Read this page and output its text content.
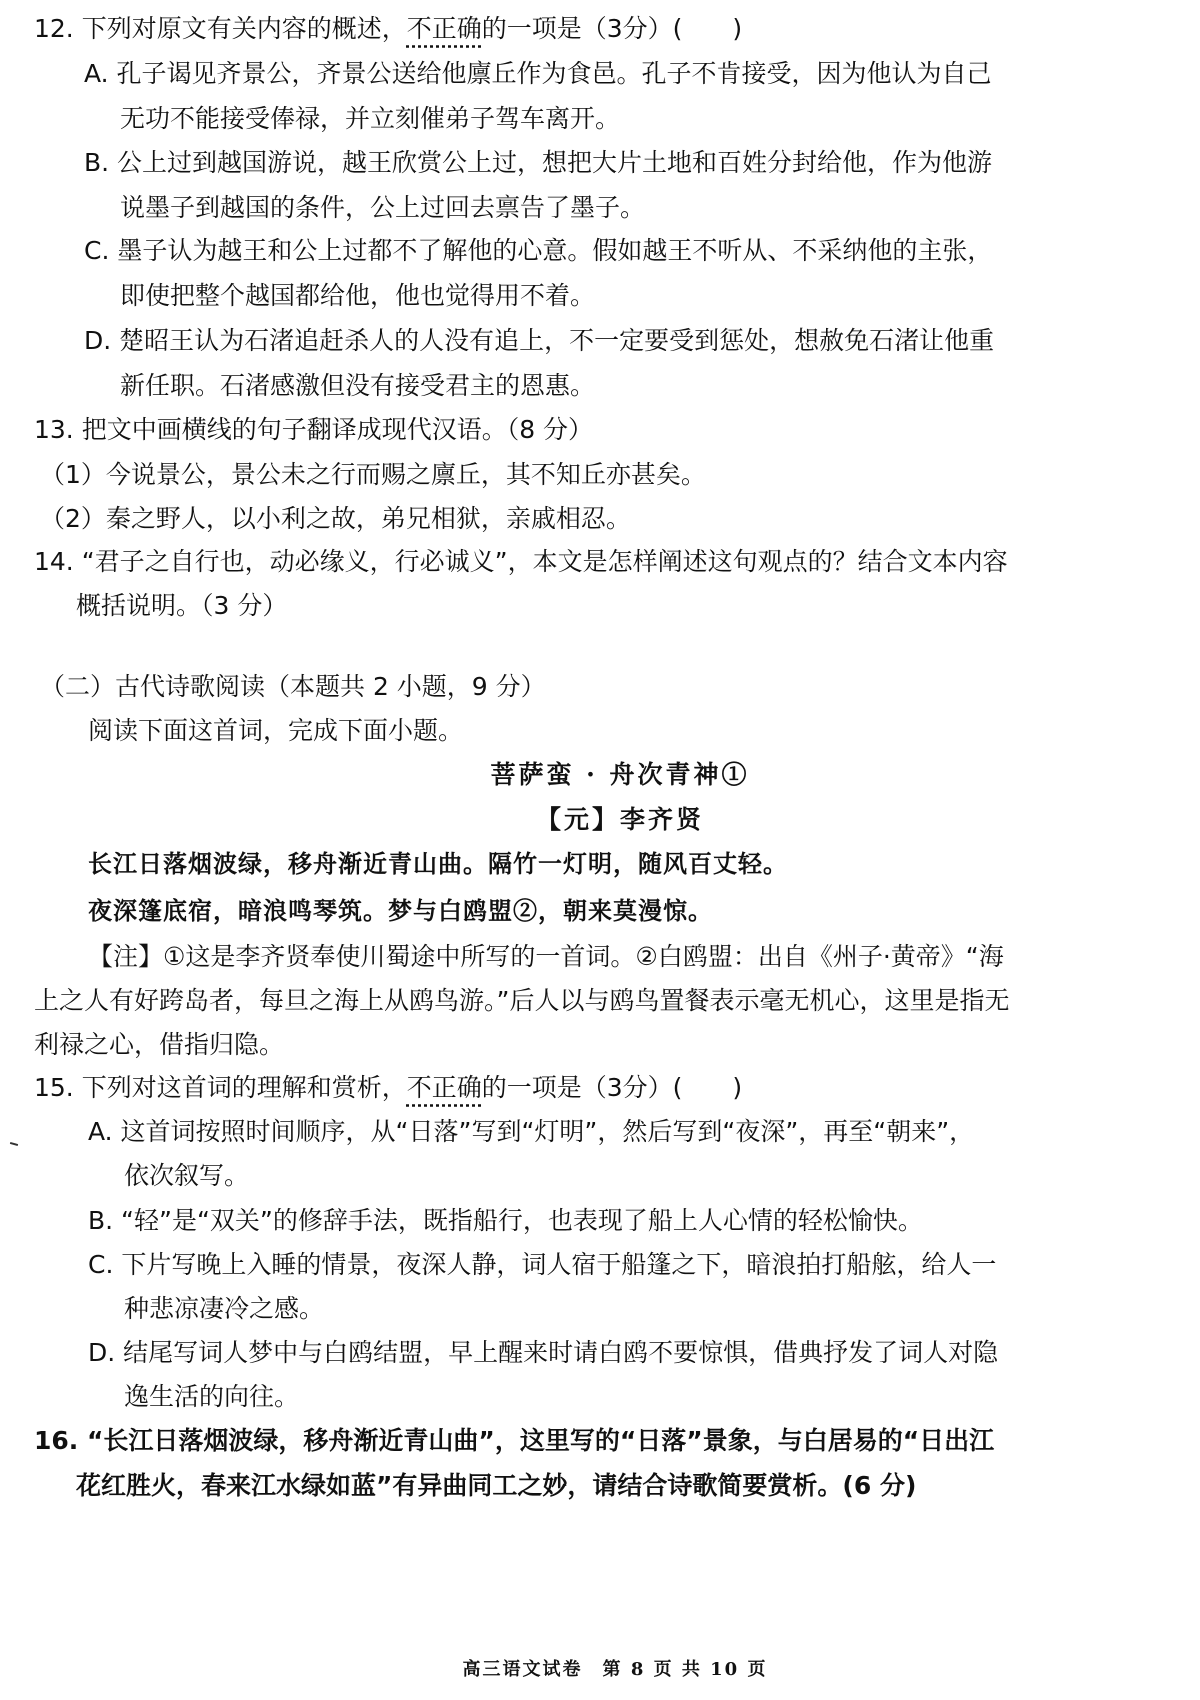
12. 下列对原文有关内容的概述，不正确的一项是（3分）(　　)
A. 孔子谒见齐景公，齐景公送给他廪丘作为食邑。孔子不肯接受，因为他认为自己
无功不能接受俸禄，并立刻催弟子驾车离开。
B. 公上过到越国游说，越王欣赏公上过，想把大片土地和百姓分封给他，作为他游
说墨子到越国的条件，公上过回去禀告了墨子。
C. 墨子认为越王和公上过都不了解他的心意。假如越王不听从、不采纳他的主张，
即使把整个越国都给他，他也觉得用不着。
D. 楚昭王认为石渚追赶杀人的人没有追上，不一定要受到惩处，想赦免石渚让他重
新任职。石渚感激但没有接受君主的恩惠。
13. 把文中画横线的句子翻译成现代汉语。（8 分）
（1）今说景公，景公未之行而赐之廪丘，其不知丘亦甚矣。
（2）秦之野人，以小利之故，弟兄相狱，亲戚相忍。
14. “君子之自行也，动必缘义，行必诚义”，本文是怎样阐述这句观点的？结合文本内容
概括说明。（3 分）
（二）古代诗歌阅读（本题共 2 小题，9 分）
阅读下面这首词，完成下面小题。
菩萨蛮 · 舟次青神①
【元】李齐贤
长江日落烟波绿，移舟渐近青山曲。隔竹一灯明，随风百丈轻。
夜深篷底宿，暗浪鸣琴筑。梦与白鸥盟②，朝来莫漫惊。
【注】①这是李齐贤奉使川蜀途中所写的一首词。②白鸥盟：出自《州子·黄帝》“海
上之人有好跨岛者，每旦之海上从鸥鸟游。”后人以与鸥鸟置餐表示毫无机心，这里是指无
利禄之心，借指归隐。
15. 下列对这首词的理解和赏析，不正确的一项是（3分）(　　)
A. 这首词按照时间顺序，从“日落”写到“灯明”，然后写到“夜深”，再至“朝来”，
依次叙写。
B. “轻”是“双关”的修辞手法，既指船行，也表现了船上人心情的轻松愉快。
C. 下片写晚上入睡的情景，夜深人静，词人宿于船篷之下，暗浪拍打船舷，给人一
种悲凉凄冷之感。
D. 结尾写词人梦中与白鸥结盟，早上醒来时请白鸥不要惊惧，借典抒发了词人对隐
逸生活的向往。
16. “长江日落烟波绿，移舟渐近青山曲”，这里写的“日落”景象，与白居易的“日出江
花红胜火，春来江水绿如蓝”有异曲同工之妙，请结合诗歌简要赏析。(6 分)
高三语文试卷　第 8 页 共 10 页
